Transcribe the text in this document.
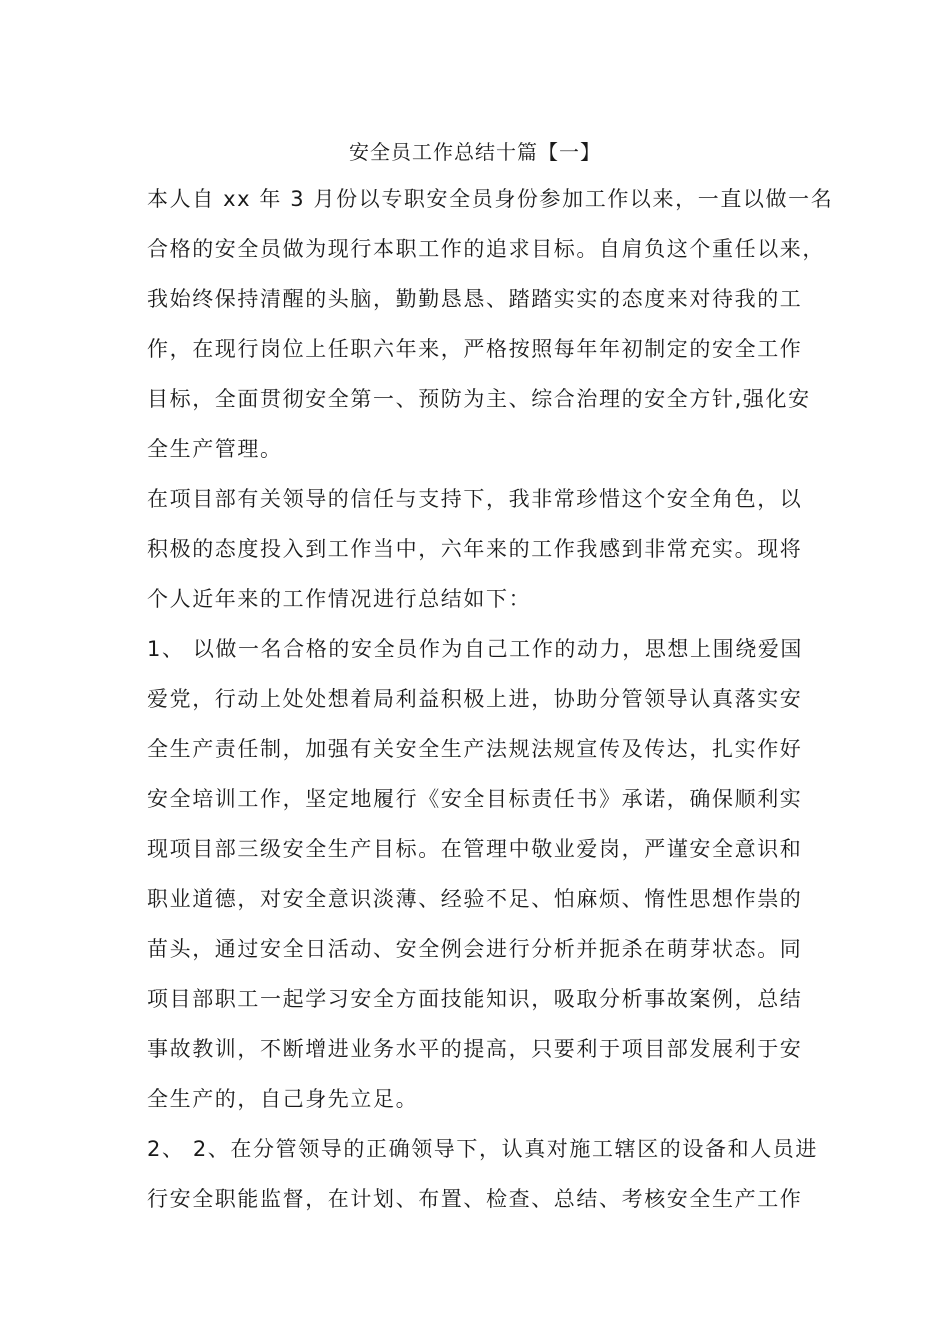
安全员工作总结十篇【一】
本人自 xx 年 3 月份以专职安全员身份参加工作以来，一直以做一名
合格的安全员做为现行本职工作的追求目标。自肩负这个重任以来，
我始终保持清醒的头脑，勤勤恳恳、踏踏实实的态度来对待我的工
作，在现行岗位上任职六年来，严格按照每年年初制定的安全工作
目标，全面贯彻安全第一、预防为主、综合治理的安全方针,强化安
全生产管理。
在项目部有关领导的信任与支持下，我非常珍惜这个安全角色，以
积极的态度投入到工作当中，六年来的工作我感到非常充实。现将
个人近年来的工作情况进行总结如下：
1、 以做一名合格的安全员作为自己工作的动力，思想上围绕爱国
爱党，行动上处处想着局利益积极上进，协助分管领导认真落实安
全生产责任制，加强有关安全生产法规法规宣传及传达，扎实作好
安全培训工作，坚定地履行《安全目标责任书》承诺，确保顺利实
现项目部三级安全生产目标。在管理中敬业爱岗，严谨安全意识和
职业道德，对安全意识淡薄、经验不足、怕麻烦、惰性思想作祟的
苗头，通过安全日活动、安全例会进行分析并扼杀在萌芽状态。同
项目部职工一起学习安全方面技能知识，吸取分析事故案例，总结
事故教训，不断增进业务水平的提高，只要利于项目部发展利于安
全生产的，自己身先立足。
2、 2、在分管领导的正确领导下，认真对施工辖区的设备和人员进
行安全职能监督，在计划、布置、检查、总结、考核安全生产工作
